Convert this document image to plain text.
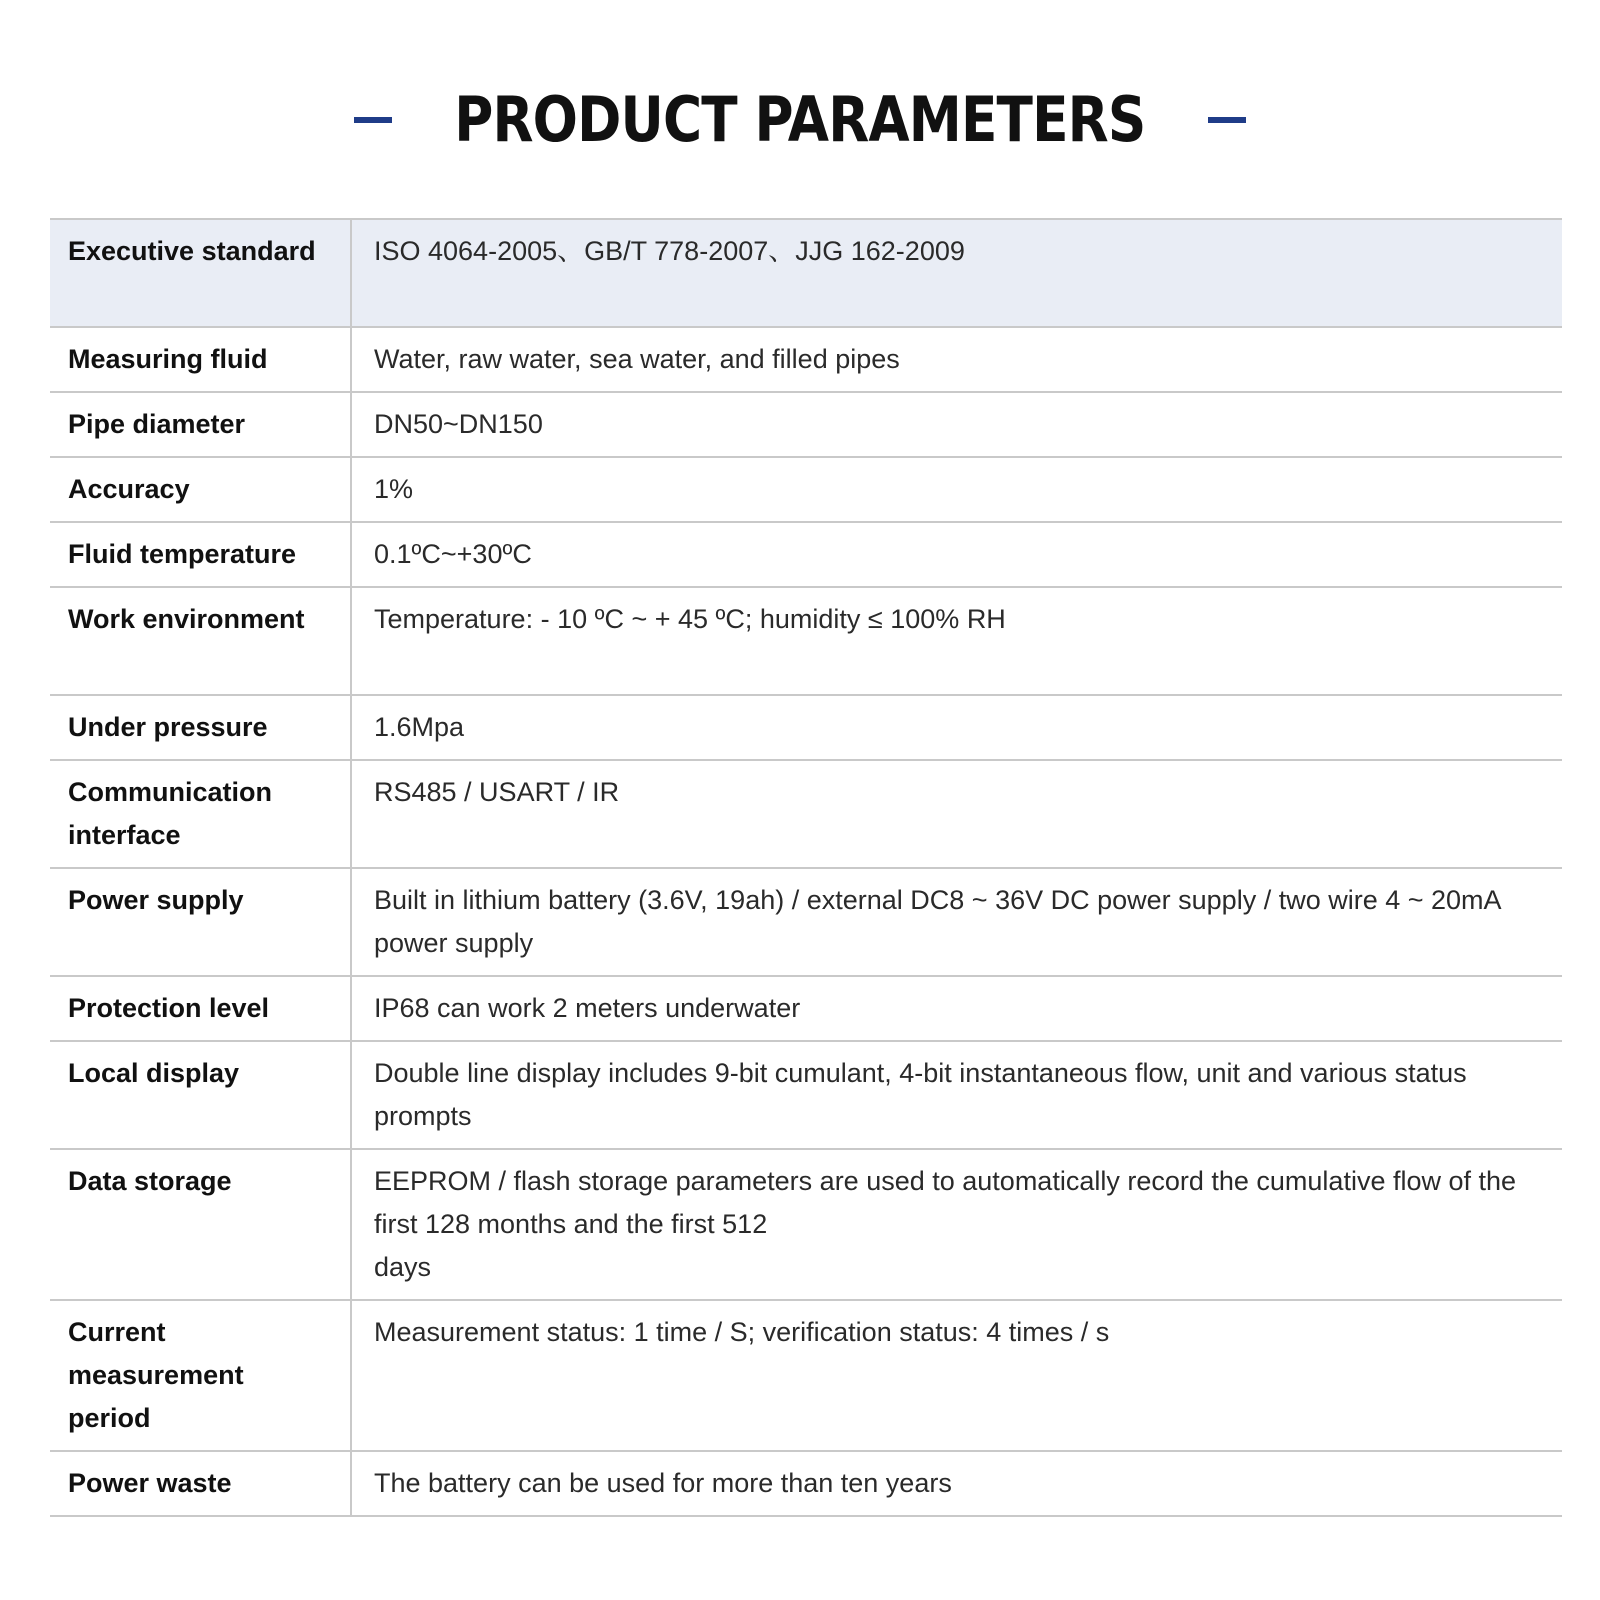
PRODUCT PARAMETERS
Executive standard	ISO 4064-2005、GB/T 778-2007、JJG 162-2009
Measuring fluid	Water, raw water, sea water, and filled pipes
Pipe diameter	DN50~DN150
Accuracy	1%
Fluid temperature	0.1ºC~+30ºC
Work environment	Temperature: - 10 ºC ~ + 45 ºC; humidity ≤ 100% RH
Under pressure	1.6Mpa
Communication interface	RS485 / USART / IR
Power supply	Built in lithium battery (3.6V, 19ah) / external DC8 ~ 36V DC power supply / two wire 4 ~ 20mA power supply
Protection level	IP68 can work 2 meters underwater
Local display	Double line display includes 9-bit cumulant, 4-bit instantaneous flow, unit and various status prompts
Data storage	EEPROM / flash storage parameters are used to automatically record the cumulative flow of the first 128 months and the first 512
days
Current measurement period	Measurement status: 1 time / S; verification status: 4 times / s
Power waste	The battery can be used for more than ten years
